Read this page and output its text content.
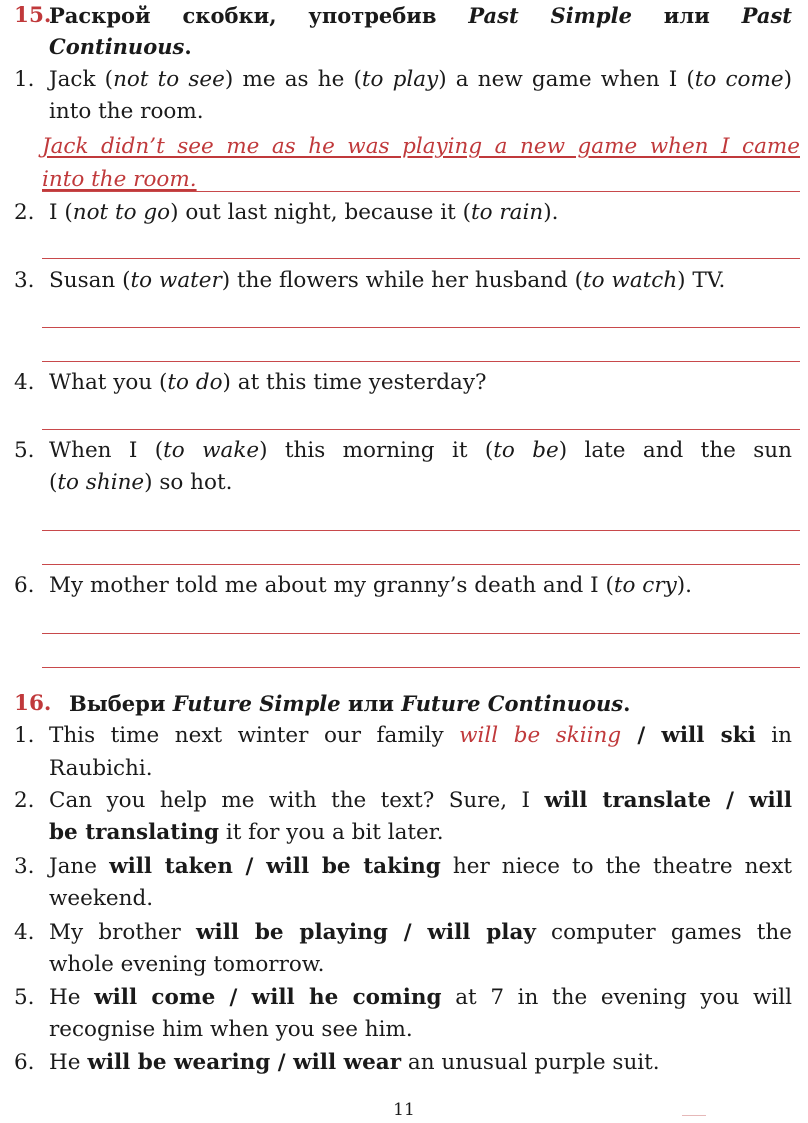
15.
Раскрой скобки, употребив Past Simple или Past
Continuous.
1. Jack (not to see) me as he (to play) a new game when I (to come)
into the room.
Jack didn’t see me as he was playing a new game when I came
into the room.
2. I (not to go) out last night, because it (to rain).
3. Susan (to water) the flowers while her husband (to watch) TV.
4. What you (to do) at this time yesterday?
5. When I (to wake) this morning it (to be) late and the sun
(to shine) so hot.
6. My mother told me about my granny’s death and I (to cry).
16. Выбери Future Simple или Future Continuous.
1. This time next winter our family will be skiing / will ski in
Raubichi.
2. Can you help me with the text? Sure, I will translate / will
be translating it for you a bit later.
3. Jane will taken / will be taking her niece to the theatre next
weekend.
4. My brother will be playing / will play computer games the
whole evening tomorrow.
5. He will come / will he coming at 7 in the evening you will
recognise him when you see him.
6. He will be wearing / will wear an unusual purple suit.
11
